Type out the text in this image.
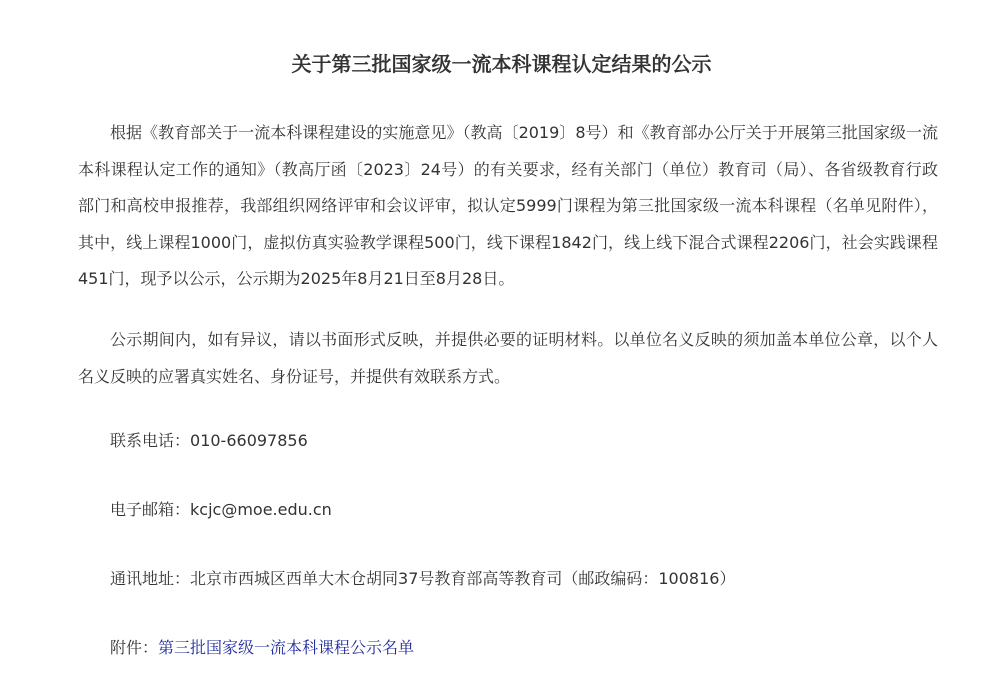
关于第三批国家级一流本科课程认定结果的公示

根据《教育部关于一流本科课程建设的实施意见》（教高〔2019〕8号）和《教育部办公厅关于开展第三批国家级一流本科课程认定工作的通知》（教高厅函〔2023〕24号）的有关要求，经有关部门（单位）教育司（局）、各省级教育行政部门和高校申报推荐，我部组织网络评审和会议评审，拟认定5999门课程为第三批国家级一流本科课程（名单见附件），其中，线上课程1000门，虚拟仿真实验教学课程500门，线下课程1842门，线上线下混合式课程2206门，社会实践课程451门，现予以公示，公示期为2025年8月21日至8月28日。

公示期间内，如有异议，请以书面形式反映，并提供必要的证明材料。以单位名义反映的须加盖本单位公章，以个人名义反映的应署真实姓名、身份证号，并提供有效联系方式。

联系电话：010-66097856
电子邮箱：kcjc@moe.edu.cn
通讯地址：北京市西城区西单大木仓胡同37号教育部高等教育司（邮政编码：100816）
附件：第三批国家级一流本科课程公示名单
